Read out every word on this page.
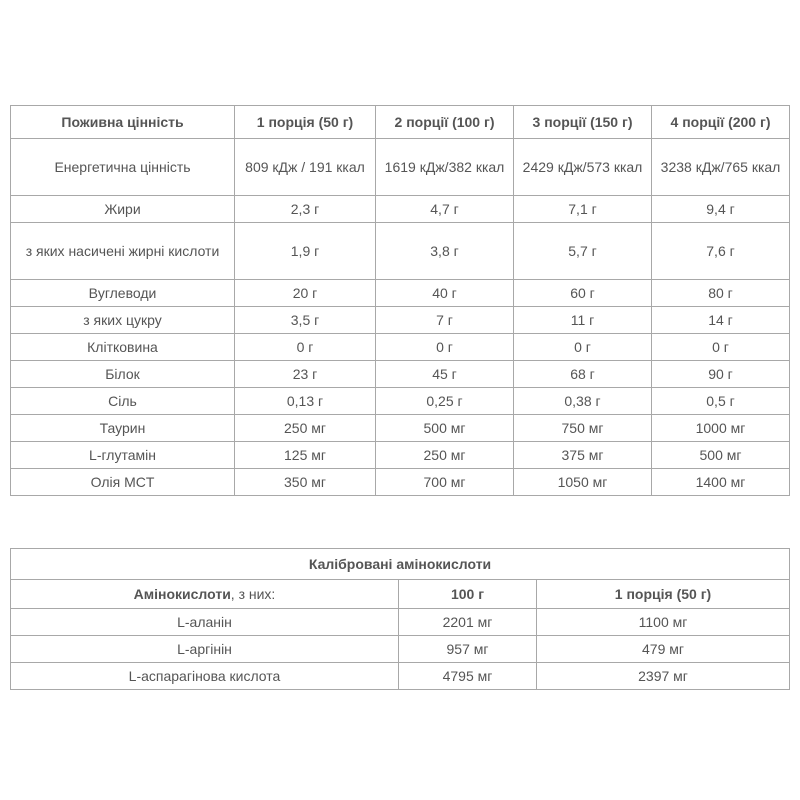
Поживна цінність	1 порція (50 г)	2 порції (100 г)	3 порції (150 г)	4 порції (200 г)
Енергетична цінність	809 кДж / 191 ккал	1619 кДж/382 ккал	2429 кДж/573 ккал	3238 кДж/765 ккал
Жири	2,3 г	4,7 г	7,1 г	9,4 г
з яких насичені жирні кислоти	1,9 г	3,8 г	5,7 г	7,6 г
Вуглеводи	20 г	40 г	60 г	80 г
з яких цукру	3,5 г	7 г	11 г	14 г
Клітковина	0 г	0 г	0 г	0 г
Білок	23 г	45 г	68 г	90 г
Сіль	0,13 г	0,25 г	0,38 г	0,5 г
Таурин	250 мг	500 мг	750 мг	1000 мг
L-глутамін	125 мг	250 мг	375 мг	500 мг
Олія MCT	350 мг	700 мг	1050 мг	1400 мг
Калібровані амінокислоти		
Амінокислоти, з них:	100 г	1 порція (50 г)
L-аланін	2201 мг	1100 мг
L-аргінін	957 мг	479 мг
L-аспарагінова кислота	4795 мг	2397 мг
